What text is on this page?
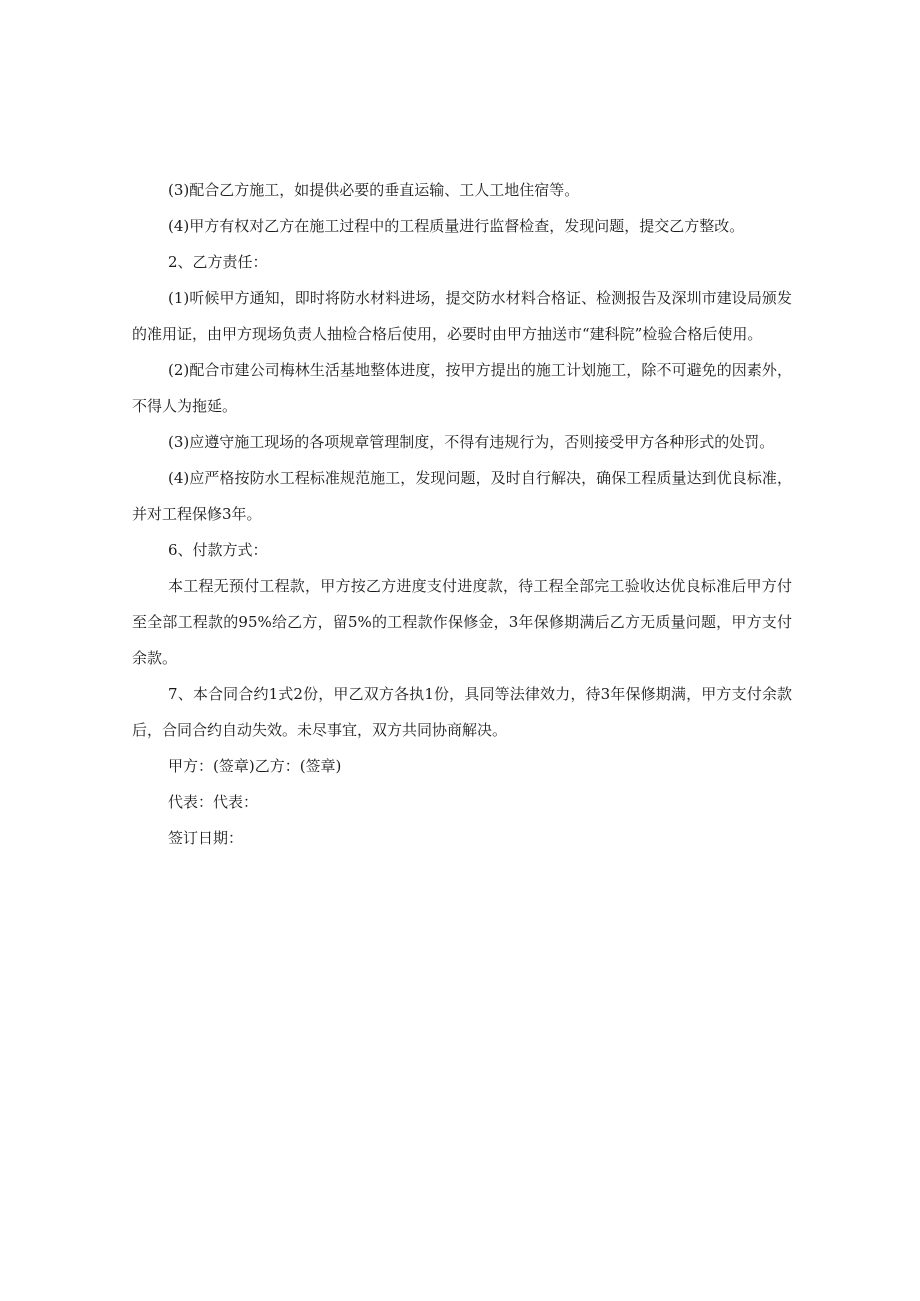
(3)配合乙方施工，如提供必要的垂直运输、工人工地住宿等。

(4)甲方有权对乙方在施工过程中的工程质量进行监督检查，发现问题，提交乙方整改。

2、乙方责任：

(1)听候甲方通知，即时将防水材料进场，提交防水材料合格证、检测报告及深圳市建设局颁发的准用证，由甲方现场负责人抽检合格后使用，必要时由甲方抽送市“建科院”检验合格后使用。

(2)配合市建公司梅林生活基地整体进度，按甲方提出的施工计划施工，除不可避免的因素外，不得人为拖延。

(3)应遵守施工现场的各项规章管理制度，不得有违规行为，否则接受甲方各种形式的处罚。

(4)应严格按防水工程标准规范施工，发现问题，及时自行解决，确保工程质量达到优良标准，并对工程保修3年。

6、付款方式：

本工程无预付工程款，甲方按乙方进度支付进度款，待工程全部完工验收达优良标准后甲方付至全部工程款的95%给乙方，留5%的工程款作保修金，3年保修期满后乙方无质量问题，甲方支付余款。

7、本合同合约1式2份，甲乙双方各执1份，具同等法律效力，待3年保修期满，甲方支付余款后，合同合约自动失效。未尽事宜，双方共同协商解决。

甲方：(签章)乙方：(签章)

代表：代表：

签订日期：
